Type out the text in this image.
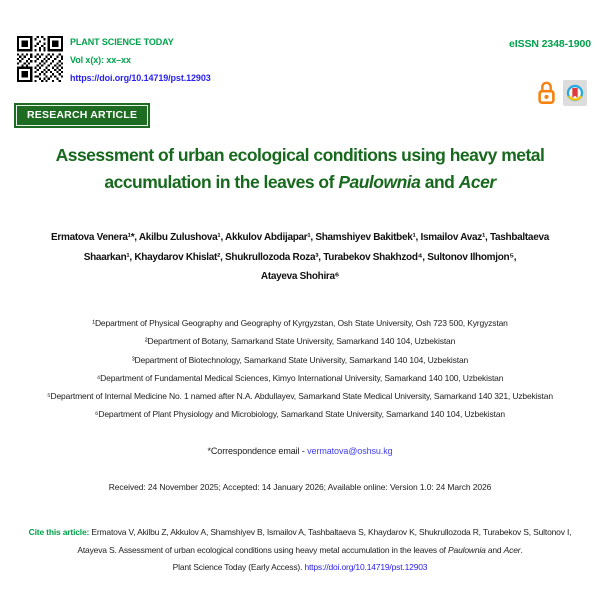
PLANT SCIENCE TODAY
Vol x(x): xx–xx
https://doi.org/10.14719/pst.12903
eISSN 2348-1900
RESEARCH ARTICLE
Assessment of urban ecological conditions using heavy metal
accumulation in the leaves of Paulownia and Acer
Ermatova Venera¹*, Akilbu Zulushova¹, Akkulov Abdijapar¹, Shamshiyev Bakitbek¹, Ismailov Avaz¹, Tashbaltaeva
Shaarkan¹, Khaydarov Khislat², Shukrullozoda Roza³, Turabekov Shakhzod⁴, Sultonov Ilhomjon⁵,
Atayeva Shohira⁶
¹Department of Physical Geography and Geography of Kyrgyzstan, Osh State University, Osh 723 500, Kyrgyzstan
²Department of Botany, Samarkand State University, Samarkand 140 104, Uzbekistan
³Department of Biotechnology, Samarkand State University, Samarkand 140 104, Uzbekistan
⁴Department of Fundamental Medical Sciences, Kimyo International University, Samarkand 140 100, Uzbekistan
⁵Department of Internal Medicine No. 1 named after N.A. Abdullayev, Samarkand State Medical University, Samarkand 140 321, Uzbekistan
⁶Department of Plant Physiology and Microbiology, Samarkand State University, Samarkand 140 104, Uzbekistan
*Correspondence email - vermatova@oshsu.kg
Received: 24 November 2025; Accepted: 14 January 2026; Available online: Version 1.0: 24 March 2026
Cite this article: Ermatova V, Akilbu Z, Akkulov A, Shamshiyev B, Ismailov A, Tashbaltaeva S, Khaydarov K, Shukrullozoda R, Turabekov S, Sultonov I,
Atayeva S. Assessment of urban ecological conditions using heavy metal accumulation in the leaves of Paulownia and Acer.
Plant Science Today (Early Access). https://doi.org/10.14719/pst.12903
